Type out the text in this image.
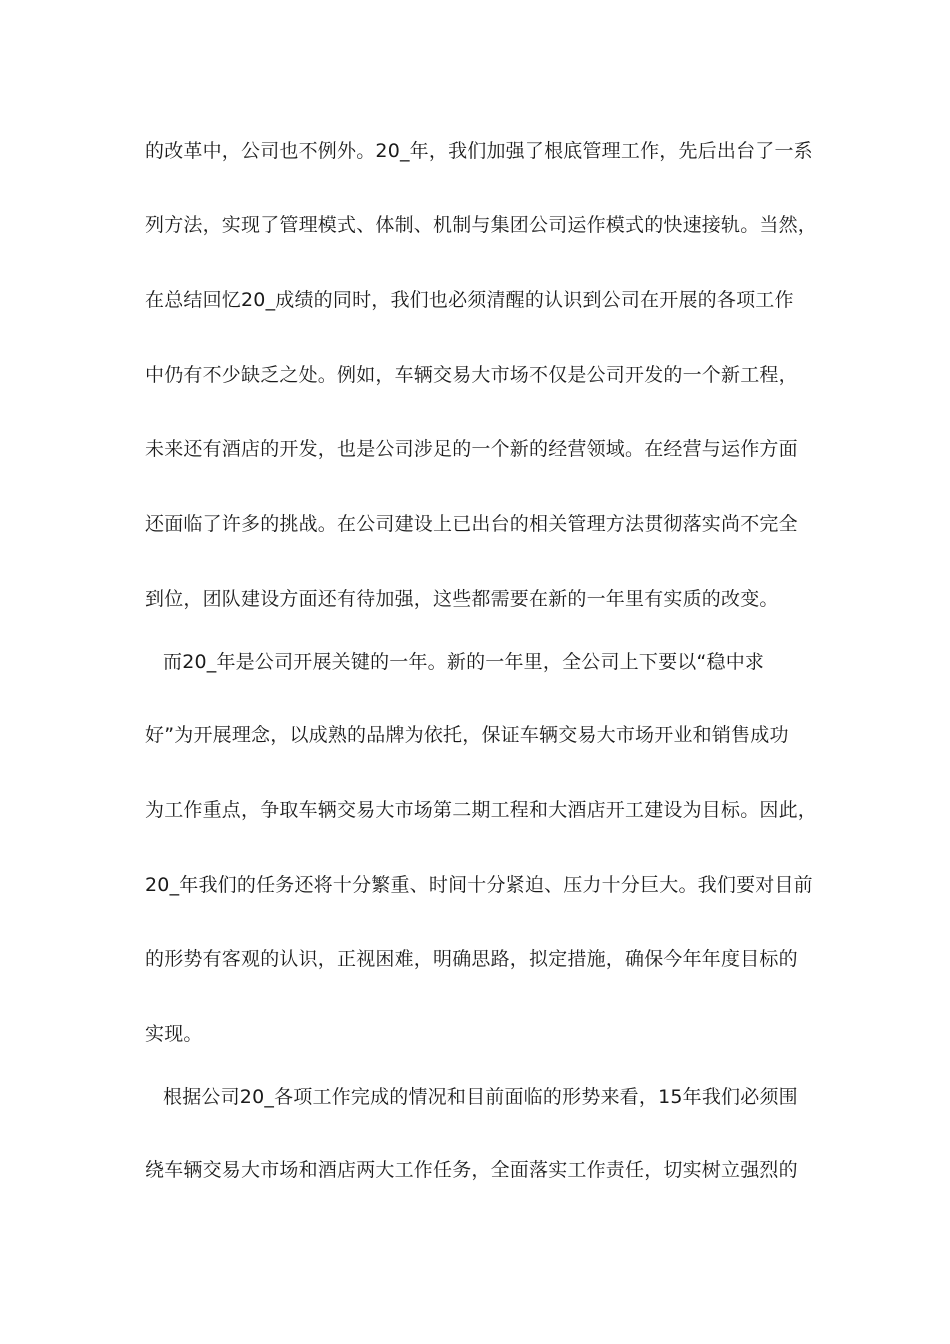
的改革中，公司也不例外。20_年，我们加强了根底管理工作，先后出台了一系
列方法，实现了管理模式、体制、机制与集团公司运作模式的快速接轨。当然，
在总结回忆20_成绩的同时，我们也必须清醒的认识到公司在开展的各项工作
中仍有不少缺乏之处。例如，车辆交易大市场不仅是公司开发的一个新工程，
未来还有酒店的开发，也是公司涉足的一个新的经营领域。在经营与运作方面
还面临了许多的挑战。在公司建设上已出台的相关管理方法贯彻落实尚不完全
到位，团队建设方面还有待加强，这些都需要在新的一年里有实质的改变。
而20_年是公司开展关键的一年。新的一年里，全公司上下要以“稳中求
好”为开展理念，以成熟的品牌为依托，保证车辆交易大市场开业和销售成功
为工作重点，争取车辆交易大市场第二期工程和大酒店开工建设为目标。因此，
20_年我们的任务还将十分繁重、时间十分紧迫、压力十分巨大。我们要对目前
的形势有客观的认识，正视困难，明确思路，拟定措施，确保今年年度目标的
实现。
根据公司20_各项工作完成的情况和目前面临的形势来看，15年我们必须围
绕车辆交易大市场和酒店两大工作任务，全面落实工作责任，切实树立强烈的
